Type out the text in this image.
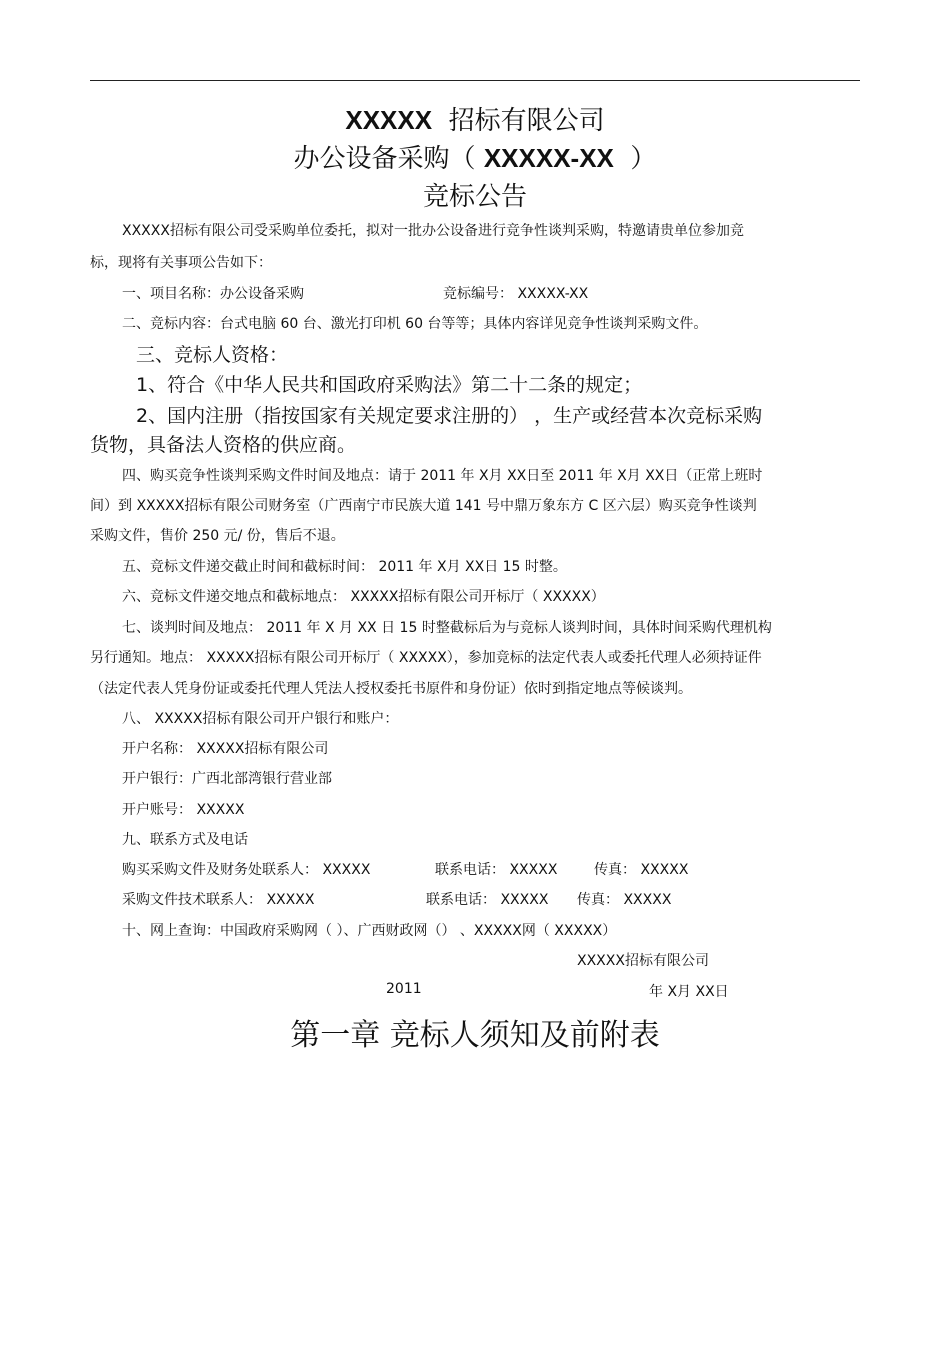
XXXXX 招标有限公司
办公设备采购（ XXXXX-XX ）
竞标公告
XXXXX招标有限公司受采购单位委托，拟对一批办公设备进行竞争性谈判采购，特邀请贵单位参加竞
标，现将有关事项公告如下：
一、项目名称：办公设备采购	竞标编号： XXXXX-XX
二、竞标内容：台式电脑 60 台、激光打印机 60 台等等；具体内容详见竞争性谈判采购文件。
三、竞标人资格：
1、符合《中华人民共和国政府采购法》第二十二条的规定；
2、国内注册（指按国家有关规定要求注册的） ，生产或经营本次竞标采购
货物，具备法人资格的供应商。
四、购买竞争性谈判采购文件时间及地点：请于 2011 年 X月 XX日至 2011 年 X月 XX日（正常上班时
间）到 XXXXX招标有限公司财务室（广西南宁市民族大道 141 号中鼎万象东方 C 区六层）购买竞争性谈判
采购文件，售价 250 元/ 份，售后不退。
五、竞标文件递交截止时间和截标时间： 2011 年 X月 XX日 15 时整。
六、竞标文件递交地点和截标地点： XXXXX招标有限公司开标厅（ XXXXX）
七、谈判时间及地点： 2011 年 X 月 XX 日 15 时整截标后为与竞标人谈判时间，具体时间采购代理机构
另行通知。地点： XXXXX招标有限公司开标厅（ XXXXX），参加竞标的法定代表人或委托代理人必须持证件
（法定代表人凭身份证或委托代理人凭法人授权委托书原件和身份证）依时到指定地点等候谈判。
八、 XXXXX招标有限公司开户银行和账户：
开户名称： XXXXX招标有限公司
开户银行：广西北部湾银行营业部
开户账号： XXXXX
九、联系方式及电话
购买采购文件及财务处联系人： XXXXX	联系电话： XXXXX	传真： XXXXX
采购文件技术联系人： XXXXX	联系电话： XXXXX 传真： XXXXX
十、网上查询：中国政府采购网（ ）、广西财政网（） 、XXXXX网（ XXXXX）
XXXXX招标有限公司
2011	年 X月 XX日
第一章 竞标人须知及前附表
